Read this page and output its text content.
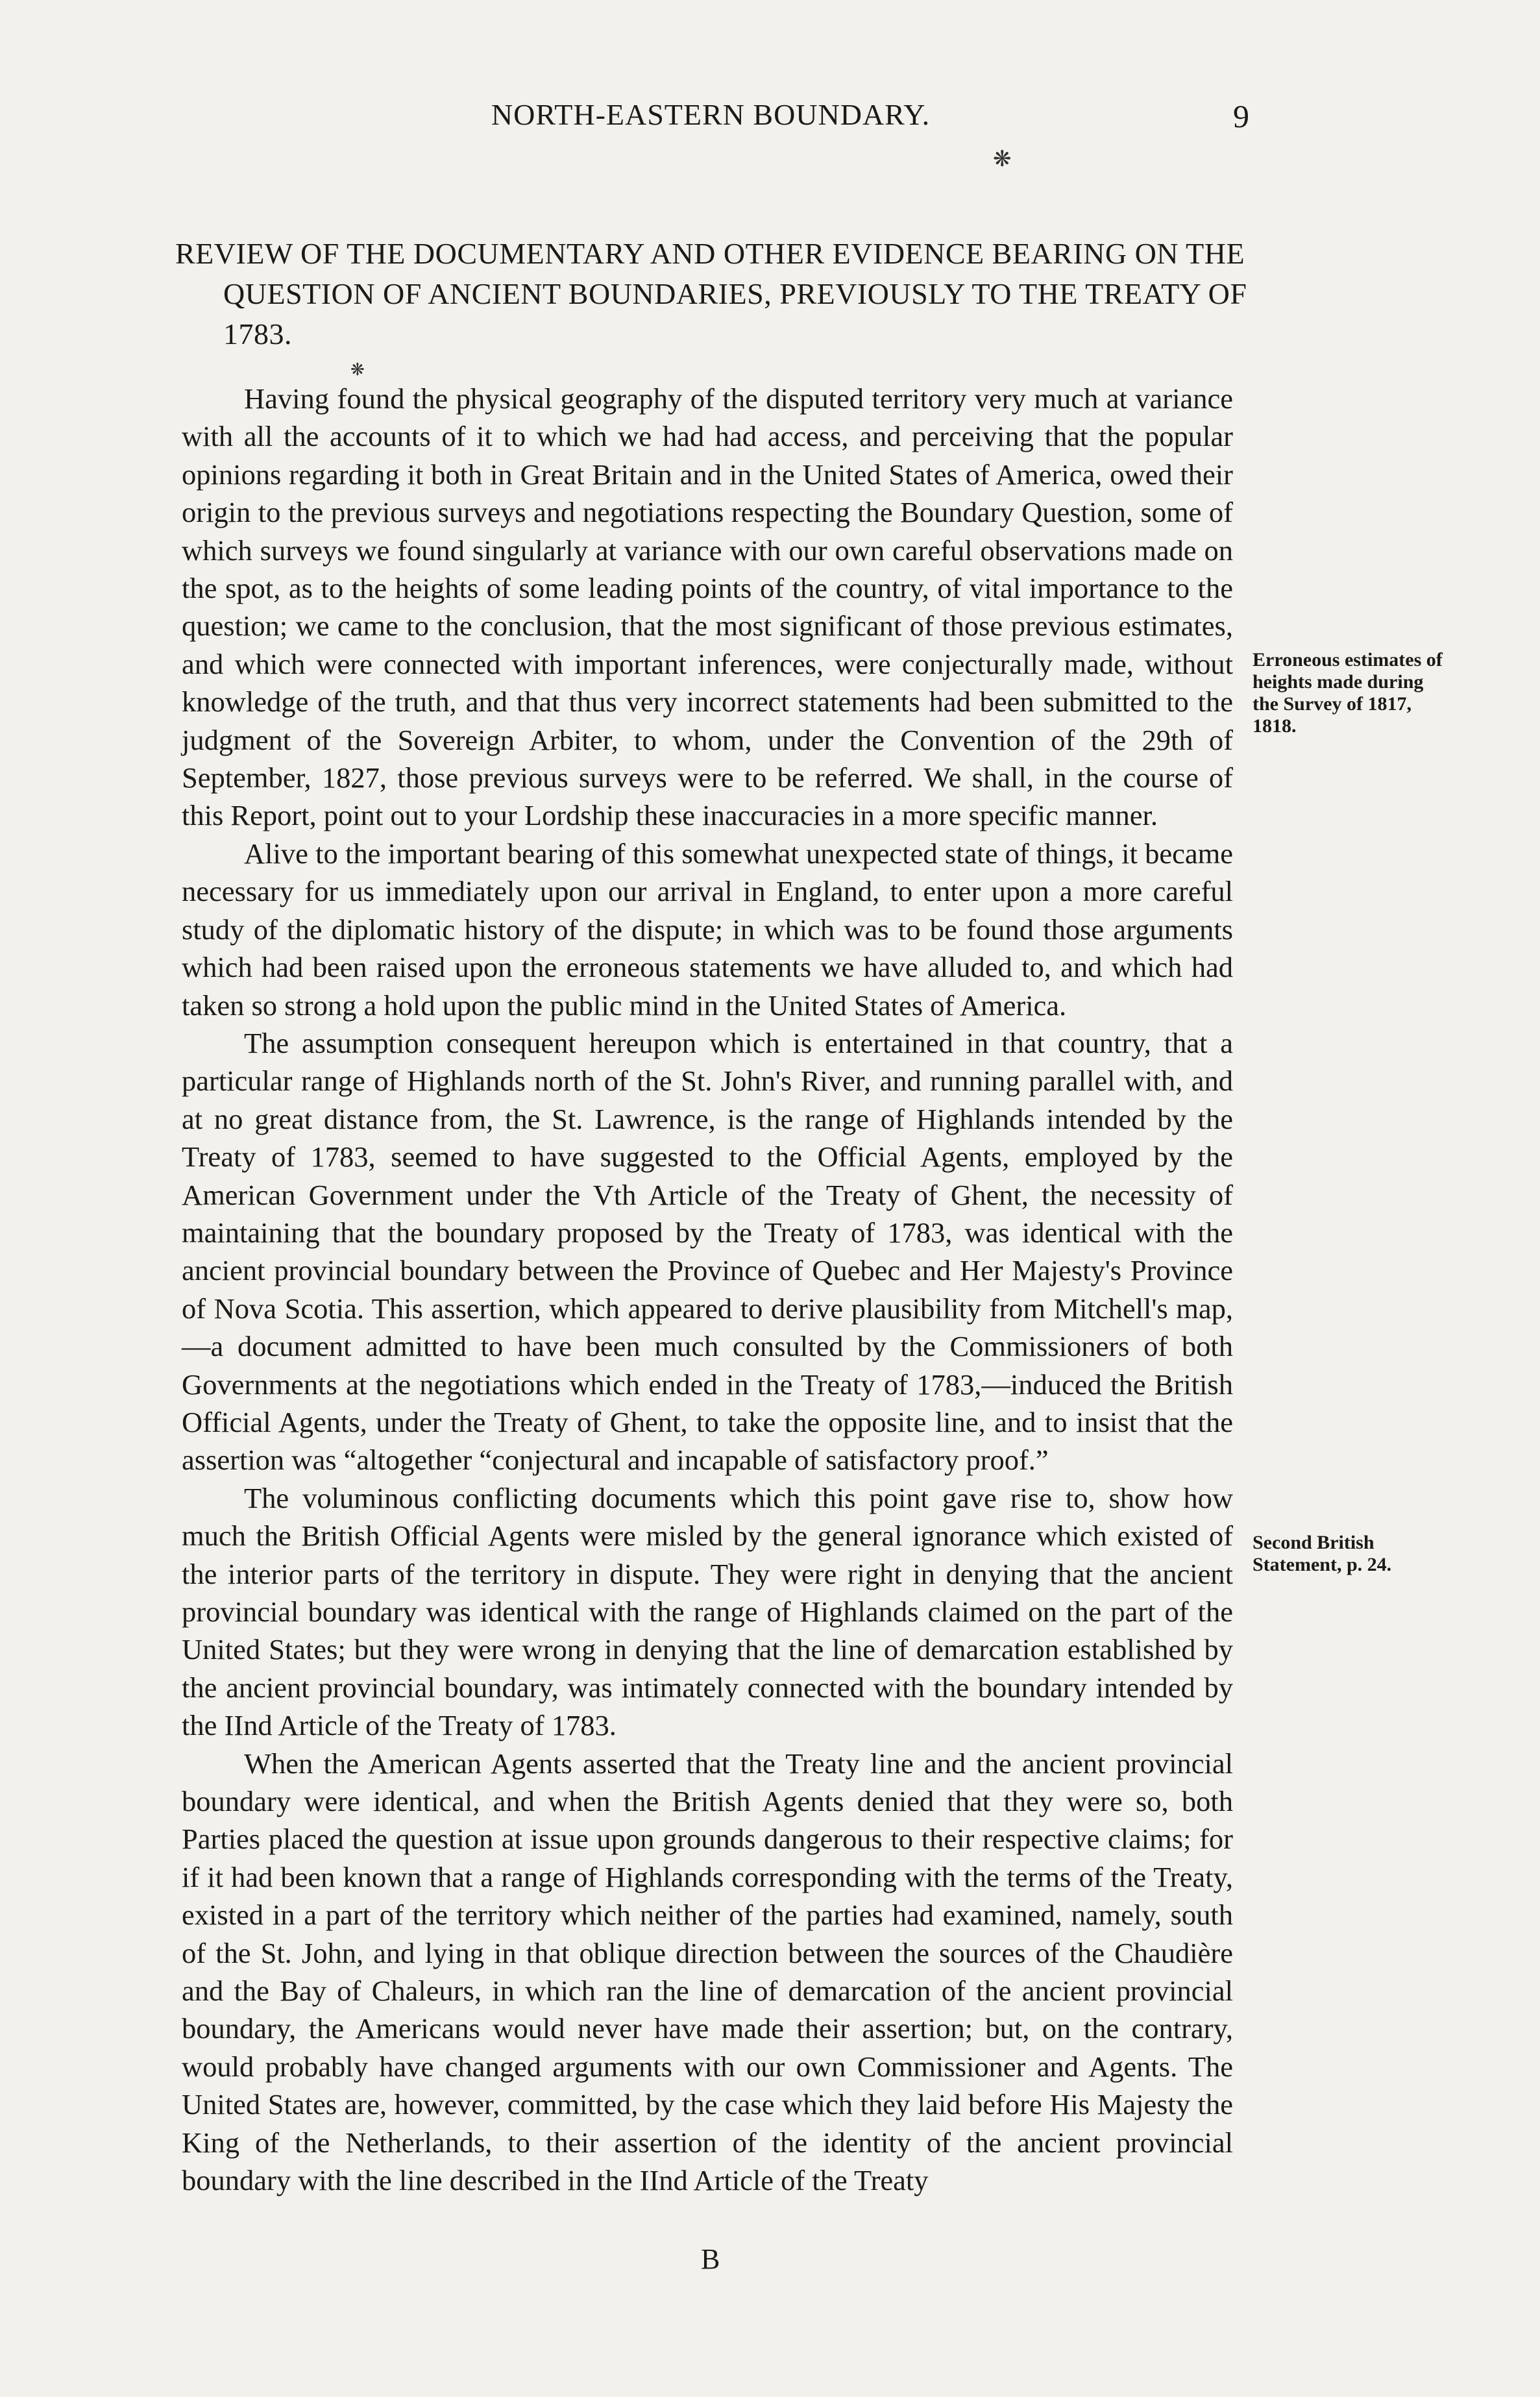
NORTH-EASTERN BOUNDARY.	9
❋
REVIEW OF THE DOCUMENTARY AND OTHER EVIDENCE BEARING ON THE QUESTION OF ANCIENT BOUNDARIES, PREVIOUSLY TO THE TREATY OF 1783.
❋

Having found the physical geography of the disputed territory very much at variance with all the accounts of it to which we had had access, and perceiving that the popular opinions regarding it both in Great Britain and in the United States of America, owed their origin to the previous surveys and negotiations respecting the Boundary Question, some of which surveys we found singularly at variance with our own careful observations made on the spot, as to the heights of some leading points of the country, of vital importance to the question; we came to the conclusion, that the most significant of those previous estimates, and which were connected with important inferences, were conjecturally made, without knowledge of the truth, and that thus very incorrect statements had been submitted to the judgment of the Sovereign Arbiter, to whom, under the Convention of the 29th of September, 1827, those previous surveys were to be referred. We shall, in the course of this Report, point out to your Lordship these inaccuracies in a more specific manner.

Alive to the important bearing of this somewhat unexpected state of things, it became necessary for us immediately upon our arrival in England, to enter upon a more careful study of the diplomatic history of the dispute; in which was to be found those arguments which had been raised upon the erroneous statements we have alluded to, and which had taken so strong a hold upon the public mind in the United States of America.

The assumption consequent hereupon which is entertained in that country, that a particular range of Highlands north of the St. John's River, and running parallel with, and at no great distance from, the St. Lawrence, is the range of Highlands intended by the Treaty of 1783, seemed to have suggested to the Official Agents, employed by the American Government under the Vth Article of the Treaty of Ghent, the necessity of maintaining that the boundary proposed by the Treaty of 1783, was identical with the ancient provincial boundary between the Province of Quebec and Her Majesty's Province of Nova Scotia. This assertion, which appeared to derive plausibility from Mitchell's map,—a document admitted to have been much consulted by the Commissioners of both Governments at the negotiations which ended in the Treaty of 1783,—induced the British Official Agents, under the Treaty of Ghent, to take the opposite line, and to insist that the assertion was “altogether “conjectural and incapable of satisfactory proof.”

The voluminous conflicting documents which this point gave rise to, show how much the British Official Agents were misled by the general ignorance which existed of the interior parts of the territory in dispute. They were right in denying that the ancient provincial boundary was identical with the range of Highlands claimed on the part of the United States; but they were wrong in denying that the line of demarcation established by the ancient provincial boundary, was intimately connected with the boundary intended by the IInd Article of the Treaty of 1783.

When the American Agents asserted that the Treaty line and the ancient provincial boundary were identical, and when the British Agents denied that they were so, both Parties placed the question at issue upon grounds dangerous to their respective claims; for if it had been known that a range of Highlands corresponding with the terms of the Treaty, existed in a part of the territory which neither of the parties had examined, namely, south of the St. John, and lying in that oblique direction between the sources of the Chaudière and the Bay of Chaleurs, in which ran the line of demarcation of the ancient provincial boundary, the Americans would never have made their assertion; but, on the contrary, would probably have changed arguments with our own Commissioner and Agents. The United States are, however, committed, by the case which they laid before His Majesty the King of the Netherlands, to their assertion of the identity of the ancient provincial boundary with the line described in the IInd Article of the Treaty

Erroneous estimates of heights made during the Survey of 1817, 1818.
Second British Statement, p. 24.
B
